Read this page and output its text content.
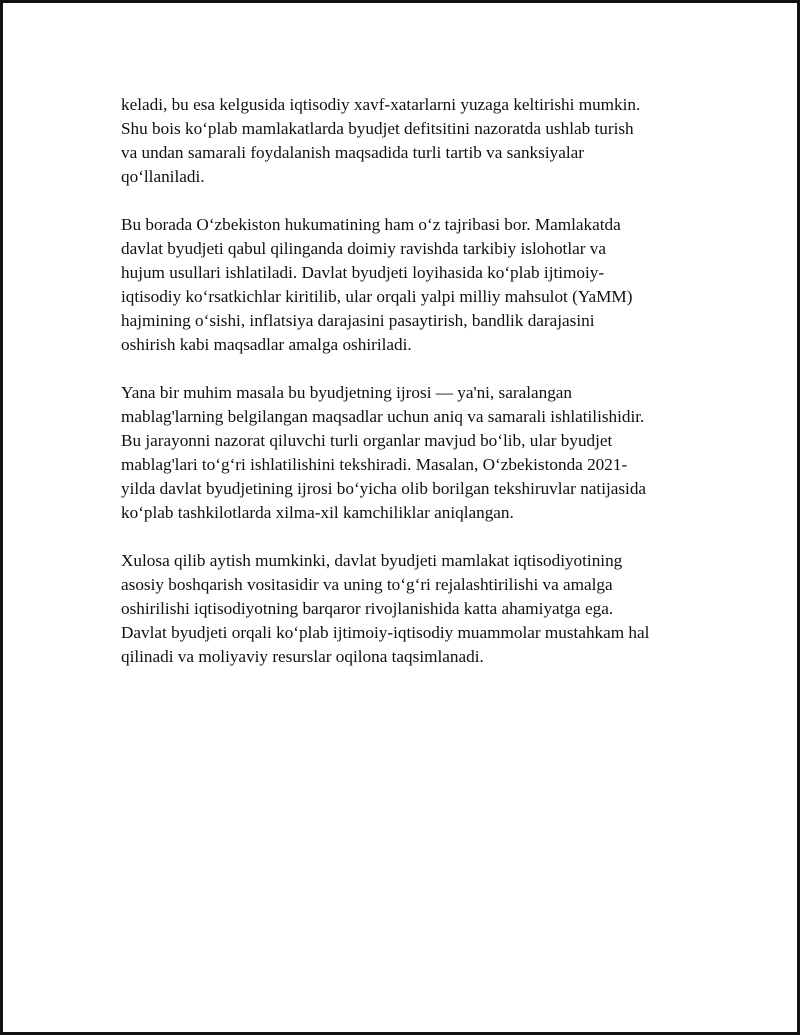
keladi, bu esa kelgusida iqtisodiy xavf-xatarlarni yuzaga keltirishi mumkin.
Shu bois ko‘plab mamlakatlarda byudjet defitsitini nazoratda ushlab turish
va undan samarali foydalanish maqsadida turli tartib va sanksiyalar
qo‘llaniladi.

Bu borada O‘zbekiston hukumatining ham o‘z tajribasi bor. Mamlakatda
davlat byudjeti qabul qilinganda doimiy ravishda tarkibiy islohotlar va
hujum usullari ishlatiladi. Davlat byudjeti loyihasida ko‘plab ijtimoiy-
iqtisodiy ko‘rsatkichlar kiritilib, ular orqali yalpi milliy mahsulot (YaMM)
hajmining o‘sishi, inflatsiya darajasini pasaytirish, bandlik darajasini
oshirish kabi maqsadlar amalga oshiriladi.

Yana bir muhim masala bu byudjetning ijrosi — ya'ni, saralangan
mablag'larning belgilangan maqsadlar uchun aniq va samarali ishlatilishidir.
Bu jarayonni nazorat qiluvchi turli organlar mavjud bo‘lib, ular byudjet
mablag'lari to‘g‘ri ishlatilishini tekshiradi. Masalan, O‘zbekistonda 2021-
yilda davlat byudjetining ijrosi bo‘yicha olib borilgan tekshiruvlar natijasida
ko‘plab tashkilotlarda xilma-xil kamchiliklar aniqlangan.

Xulosa qilib aytish mumkinki, davlat byudjeti mamlakat iqtisodiyotining
asosiy boshqarish vositasidir va uning to‘g‘ri rejalashtirilishi va amalga
oshirilishi iqtisodiyotning barqaror rivojlanishida katta ahamiyatga ega.
Davlat byudjeti orqali ko‘plab ijtimoiy-iqtisodiy muammolar mustahkam hal
qilinadi va moliyaviy resurslar oqilona taqsimlanadi.
